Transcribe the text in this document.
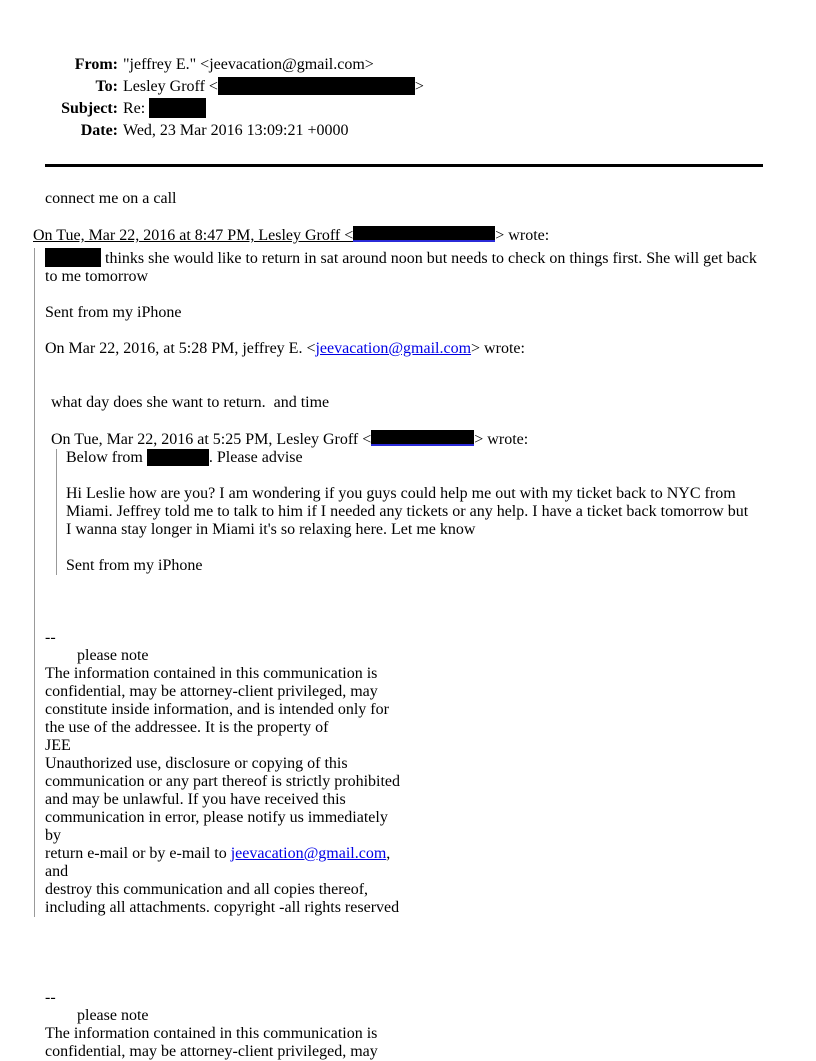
From: "jeffrey E." <jeevacation@gmail.com>
To: Lesley Groff <	>
Subject: Re:
Date: Wed, 23 Mar 2016 13:09:21 +0000

connect me on a call

On Tue, Mar 22, 2016 at 8:47 PM, Lesley Groff <	> wrote:

thinks she would like to return in sat around noon but needs to check on things first. She will get back
to me tomorrow

Sent from my iPhone

On Mar 22, 2016, at 5:28 PM, jeffrey E. <jeevacation@gmail.com> wrote:

what day does she want to return.  and time

On Tue, Mar 22, 2016 at 5:25 PM, Lesley Groff <	> wrote:

Below from	. Please advise

Hi Leslie how are you? I am wondering if you guys could help me out with my ticket back to NYC from
Miami. Jeffrey told me to talk to him if I needed any tickets or any help. I have a ticket back tomorrow but
I wanna stay longer in Miami it's so relaxing here. Let me know

Sent from my iPhone

--

please note

The information contained in this communication is
confidential, may be attorney-client privileged, may
constitute inside information, and is intended only for
the use of the addressee. It is the property of
JEE
Unauthorized use, disclosure or copying of this
communication or any part thereof is strictly prohibited
and may be unlawful. If you have received this
communication in error, please notify us immediately by
return e-mail or by e-mail to jeevacation@gmail.com, and
destroy this communication and all copies thereof,
including all attachments. copyright -all rights reserved

--

please note

The information contained in this communication is
confidential, may be attorney-client privileged, may
